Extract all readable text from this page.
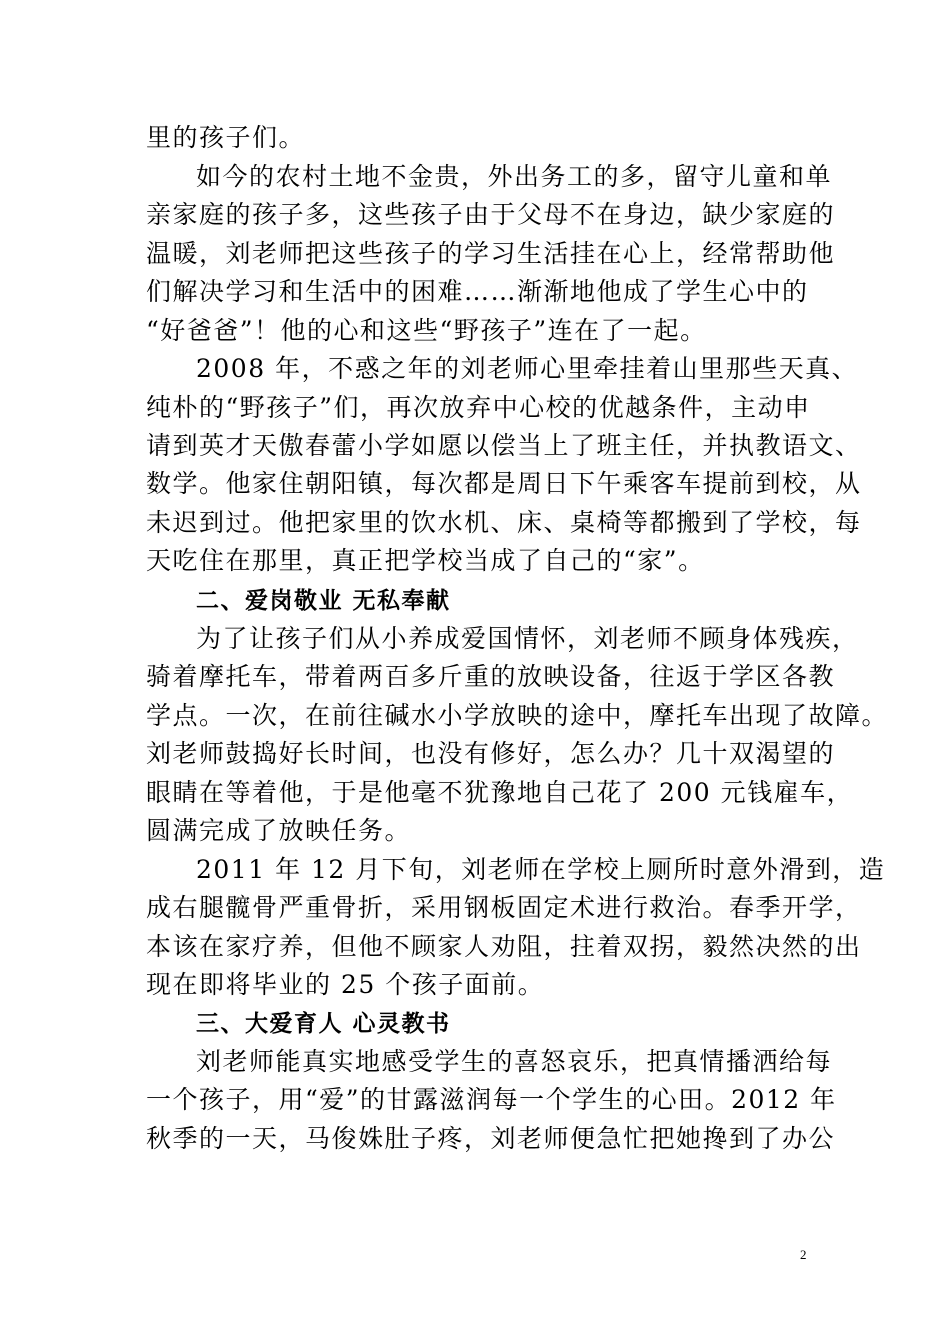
里的孩子们。
如今的农村土地不金贵，外出务工的多，留守儿童和单
亲家庭的孩子多，这些孩子由于父母不在身边，缺少家庭的
温暖，刘老师把这些孩子的学习生活挂在心上，经常帮助他
们解决学习和生活中的困难……渐渐地他成了学生心中的
“好爸爸”！他的心和这些“野孩子”连在了一起。
2008 年，不惑之年的刘老师心里牵挂着山里那些天真、
纯朴的“野孩子”们，再次放弃中心校的优越条件，主动申
请到英才天傲春蕾小学如愿以偿当上了班主任，并执教语文、
数学。他家住朝阳镇，每次都是周日下午乘客车提前到校，从
未迟到过。他把家里的饮水机、床、桌椅等都搬到了学校，每
天吃住在那里，真正把学校当成了自己的“家”。
二、爱岗敬业 无私奉献
为了让孩子们从小养成爱国情怀，刘老师不顾身体残疾，
骑着摩托车，带着两百多斤重的放映设备，往返于学区各教
学点。一次，在前往碱水小学放映的途中，摩托车出现了故障。
刘老师鼓捣好长时间，也没有修好，怎么办？几十双渴望的
眼睛在等着他，于是他毫不犹豫地自己花了 200 元钱雇车，
圆满完成了放映任务。
2011 年 12 月下旬，刘老师在学校上厕所时意外滑到，造
成右腿髋骨严重骨折，采用钢板固定术进行救治。春季开学，
本该在家疗养，但他不顾家人劝阻，拄着双拐，毅然决然的出
现在即将毕业的 25 个孩子面前。
三、大爱育人 心灵教书
刘老师能真实地感受学生的喜怒哀乐，把真情播洒给每
一个孩子，用“爱”的甘露滋润每一个学生的心田。2012 年
秋季的一天，马俊姝肚子疼，刘老师便急忙把她搀到了办公
2
